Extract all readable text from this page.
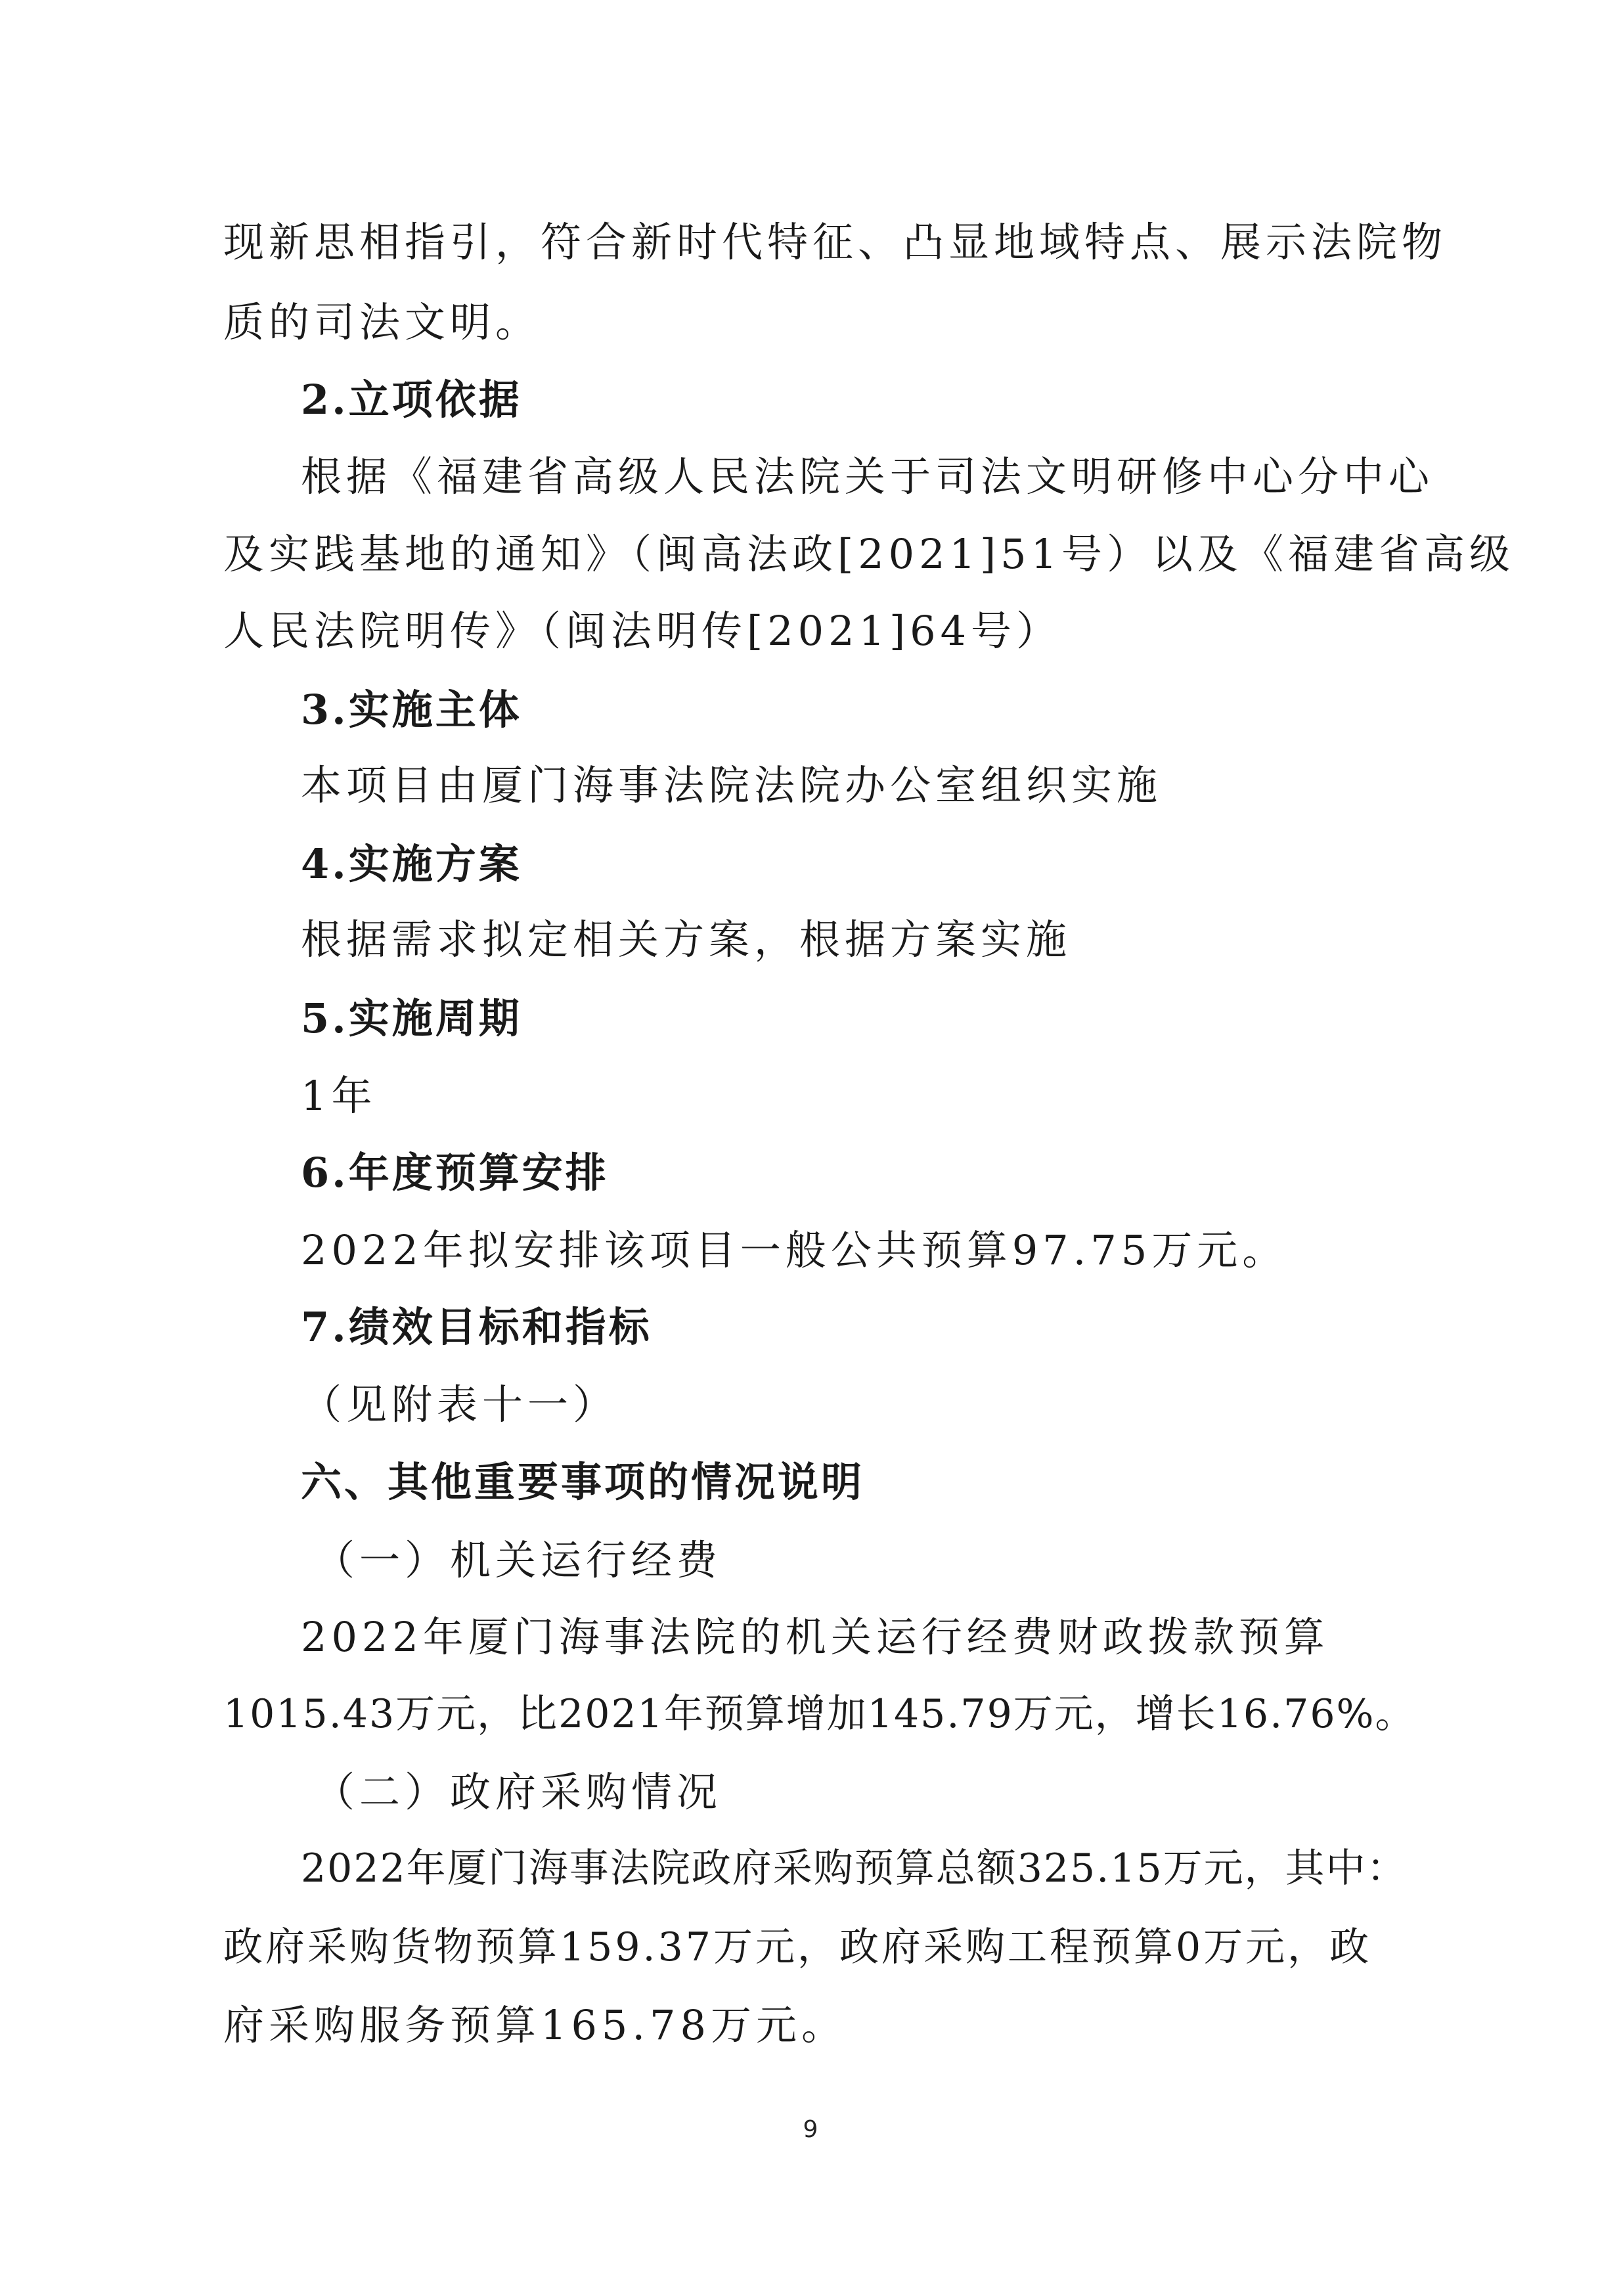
现新思相指引，符合新时代特征、凸显地域特点、展示法院物
质的司法文明。
2.立项依据
根据《福建省高级人民法院关于司法文明研修中心分中心
及实践基地的通知》（闽高法政[2021]51号）以及《福建省高级
人民法院明传》（闽法明传[2021]64号）
3.实施主体
本项目由厦门海事法院法院办公室组织实施
4.实施方案
根据需求拟定相关方案，根据方案实施
5.实施周期
1年
6.年度预算安排
2022年拟安排该项目一般公共预算97.75万元。
7.绩效目标和指标
（见附表十一）
六、其他重要事项的情况说明
（一）机关运行经费
2022年厦门海事法院的机关运行经费财政拨款预算
1015.43万元，比2021年预算增加145.79万元，增长16.76%。
（二）政府采购情况
2022年厦门海事法院政府采购预算总额325.15万元，其中：
政府采购货物预算159.37万元，政府采购工程预算0万元，政
府采购服务预算165.78万元。
9
